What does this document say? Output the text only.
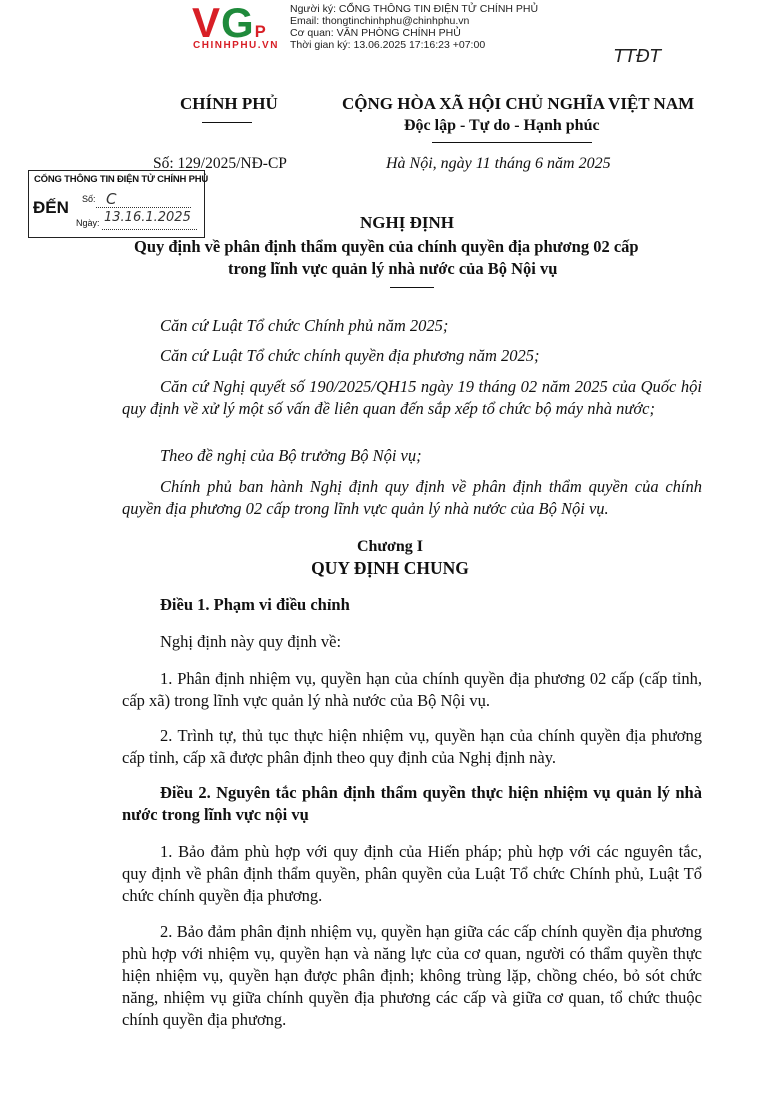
VGP
CHINHPHU.VN
Người ký: CỔNG THÔNG TIN ĐIỆN TỬ CHÍNH PHỦ
Email: thongtinchinhphu@chinhphu.vn
Cơ quan: VĂN PHÒNG CHÍNH PHỦ
Thời gian ký: 13.06.2025 17:16:23 +07:00
TTĐT
CHÍNH PHỦ	CỘNG HÒA XÃ HỘI CHỦ NGHĨA VIỆT NAM
Độc lập - Tự do - Hạnh phúc
Số: 129/2025/NĐ-CP	Hà Nội, ngày 11 tháng 6 năm 2025
CỔNG THÔNG TIN ĐIỆN TỬ CHÍNH PHỦ
ĐẾN Số: C
Ngày: 13.16.1.2025	NGHỊ ĐỊNH
Quy định về phân định thẩm quyền của chính quyền địa phương 02 cấp
trong lĩnh vực quản lý nhà nước của Bộ Nội vụ
Căn cứ Luật Tổ chức Chính phủ năm 2025;
Căn cứ Luật Tổ chức chính quyền địa phương năm 2025;
Căn cứ Nghị quyết số 190/2025/QH15 ngày 19 tháng 02 năm 2025 của Quốc hội quy định về xử lý một số vấn đề liên quan đến sắp xếp tổ chức bộ máy nhà nước;
Theo đề nghị của Bộ trưởng Bộ Nội vụ;
Chính phủ ban hành Nghị định quy định về phân định thẩm quyền của chính quyền địa phương 02 cấp trong lĩnh vực quản lý nhà nước của Bộ Nội vụ.
Chương I
QUY ĐỊNH CHUNG
Điều 1. Phạm vi điều chỉnh
Nghị định này quy định về:
1. Phân định nhiệm vụ, quyền hạn của chính quyền địa phương 02 cấp (cấp tỉnh, cấp xã) trong lĩnh vực quản lý nhà nước của Bộ Nội vụ.
2. Trình tự, thủ tục thực hiện nhiệm vụ, quyền hạn của chính quyền địa phương cấp tỉnh, cấp xã được phân định theo quy định của Nghị định này.
Điều 2. Nguyên tắc phân định thẩm quyền thực hiện nhiệm vụ quản lý nhà nước trong lĩnh vực nội vụ
1. Bảo đảm phù hợp với quy định của Hiến pháp; phù hợp với các nguyên tắc, quy định về phân định thẩm quyền, phân quyền của Luật Tổ chức Chính phủ, Luật Tổ chức chính quyền địa phương.
2. Bảo đảm phân định nhiệm vụ, quyền hạn giữa các cấp chính quyền địa phương phù hợp với nhiệm vụ, quyền hạn và năng lực của cơ quan, người có thẩm quyền thực hiện nhiệm vụ, quyền hạn được phân định; không trùng lặp, chồng chéo, bỏ sót chức năng, nhiệm vụ giữa chính quyền địa phương các cấp và giữa cơ quan, tổ chức thuộc chính quyền địa phương.
